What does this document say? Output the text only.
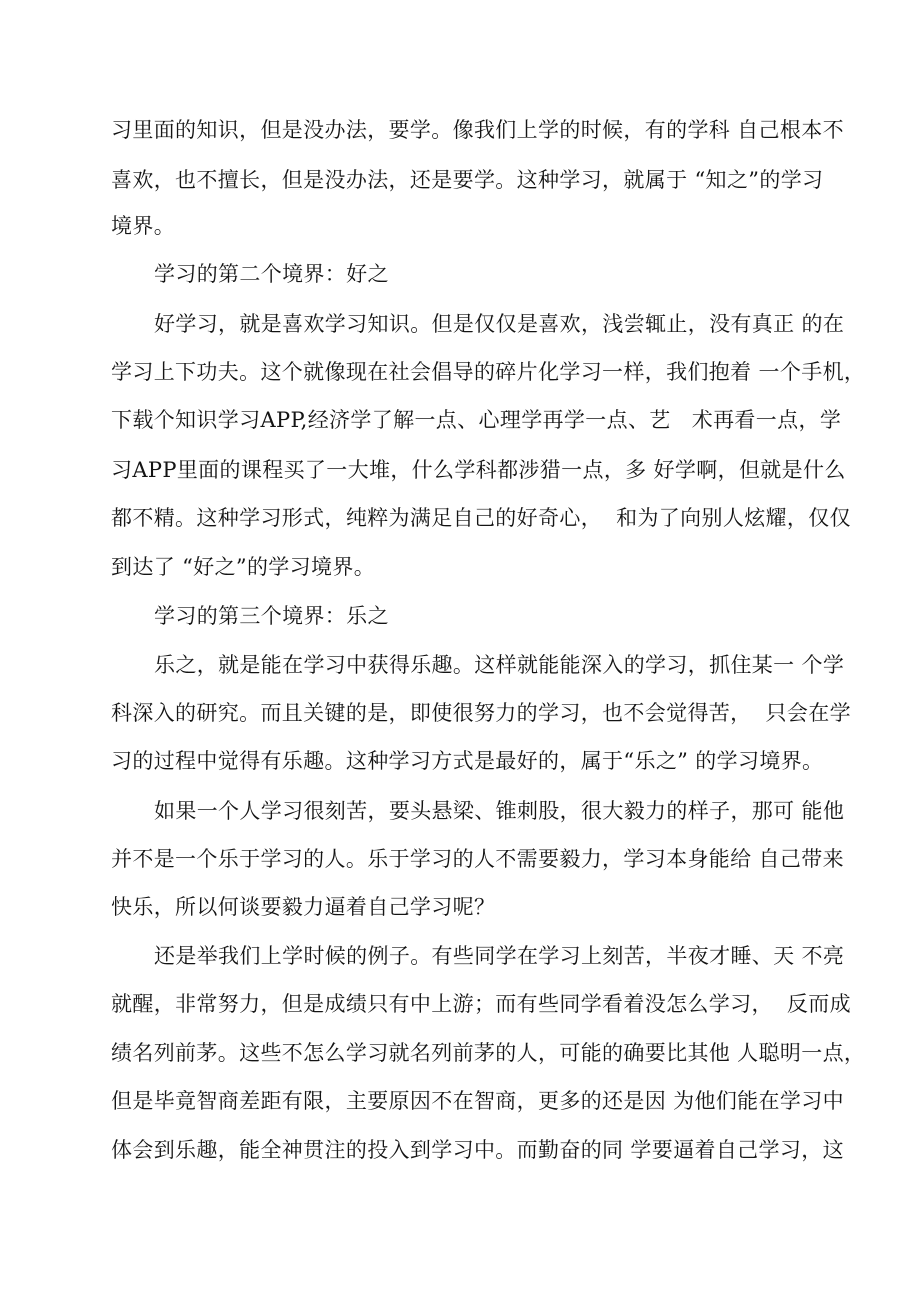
习里面的知识，但是没办法，要学。像我们上学的时候，有的学科 自己根本不
喜欢，也不擅长，但是没办法，还是要学。这种学习，就属于 “知之”的学习
境界。
学习的第二个境界：好之
好学习，就是喜欢学习知识。但是仅仅是喜欢，浅尝辄止，没有真正 的在
学习上下功夫。这个就像现在社会倡导的碎片化学习一样，我们抱着 一个手机，
下载个知识学习APP,经济学了解一点、心理学再学一点、艺   术再看一点，学
习APP里面的课程买了一大堆，什么学科都涉猎一点，多 好学啊，但就是什么
都不精。这种学习形式，纯粹为满足自己的好奇心，  和为了向别人炫耀，仅仅
到达了 “好之”的学习境界。
学习的第三个境界：乐之
乐之，就是能在学习中获得乐趣。这样就能能深入的学习，抓住某一 个学
科深入的研究。而且关键的是，即使很努力的学习，也不会觉得苦，  只会在学
习的过程中觉得有乐趣。这种学习方式是最好的，属于“乐之” 的学习境界。
如果一个人学习很刻苦，要头悬梁、锥刺股，很大毅力的样子，那可 能他
并不是一个乐于学习的人。乐于学习的人不需要毅力，学习本身能给 自己带来
快乐，所以何谈要毅力逼着自己学习呢？
还是举我们上学时候的例子。有些同学在学习上刻苦，半夜才睡、天 不亮
就醒，非常努力，但是成绩只有中上游；而有些同学看着没怎么学习，  反而成
绩名列前茅。这些不怎么学习就名列前茅的人，可能的确要比其他 人聪明一点，
但是毕竟智商差距有限，主要原因不在智商，更多的还是因 为他们能在学习中
体会到乐趣，能全神贯注的投入到学习中。而勤奋的同 学要逼着自己学习，这
